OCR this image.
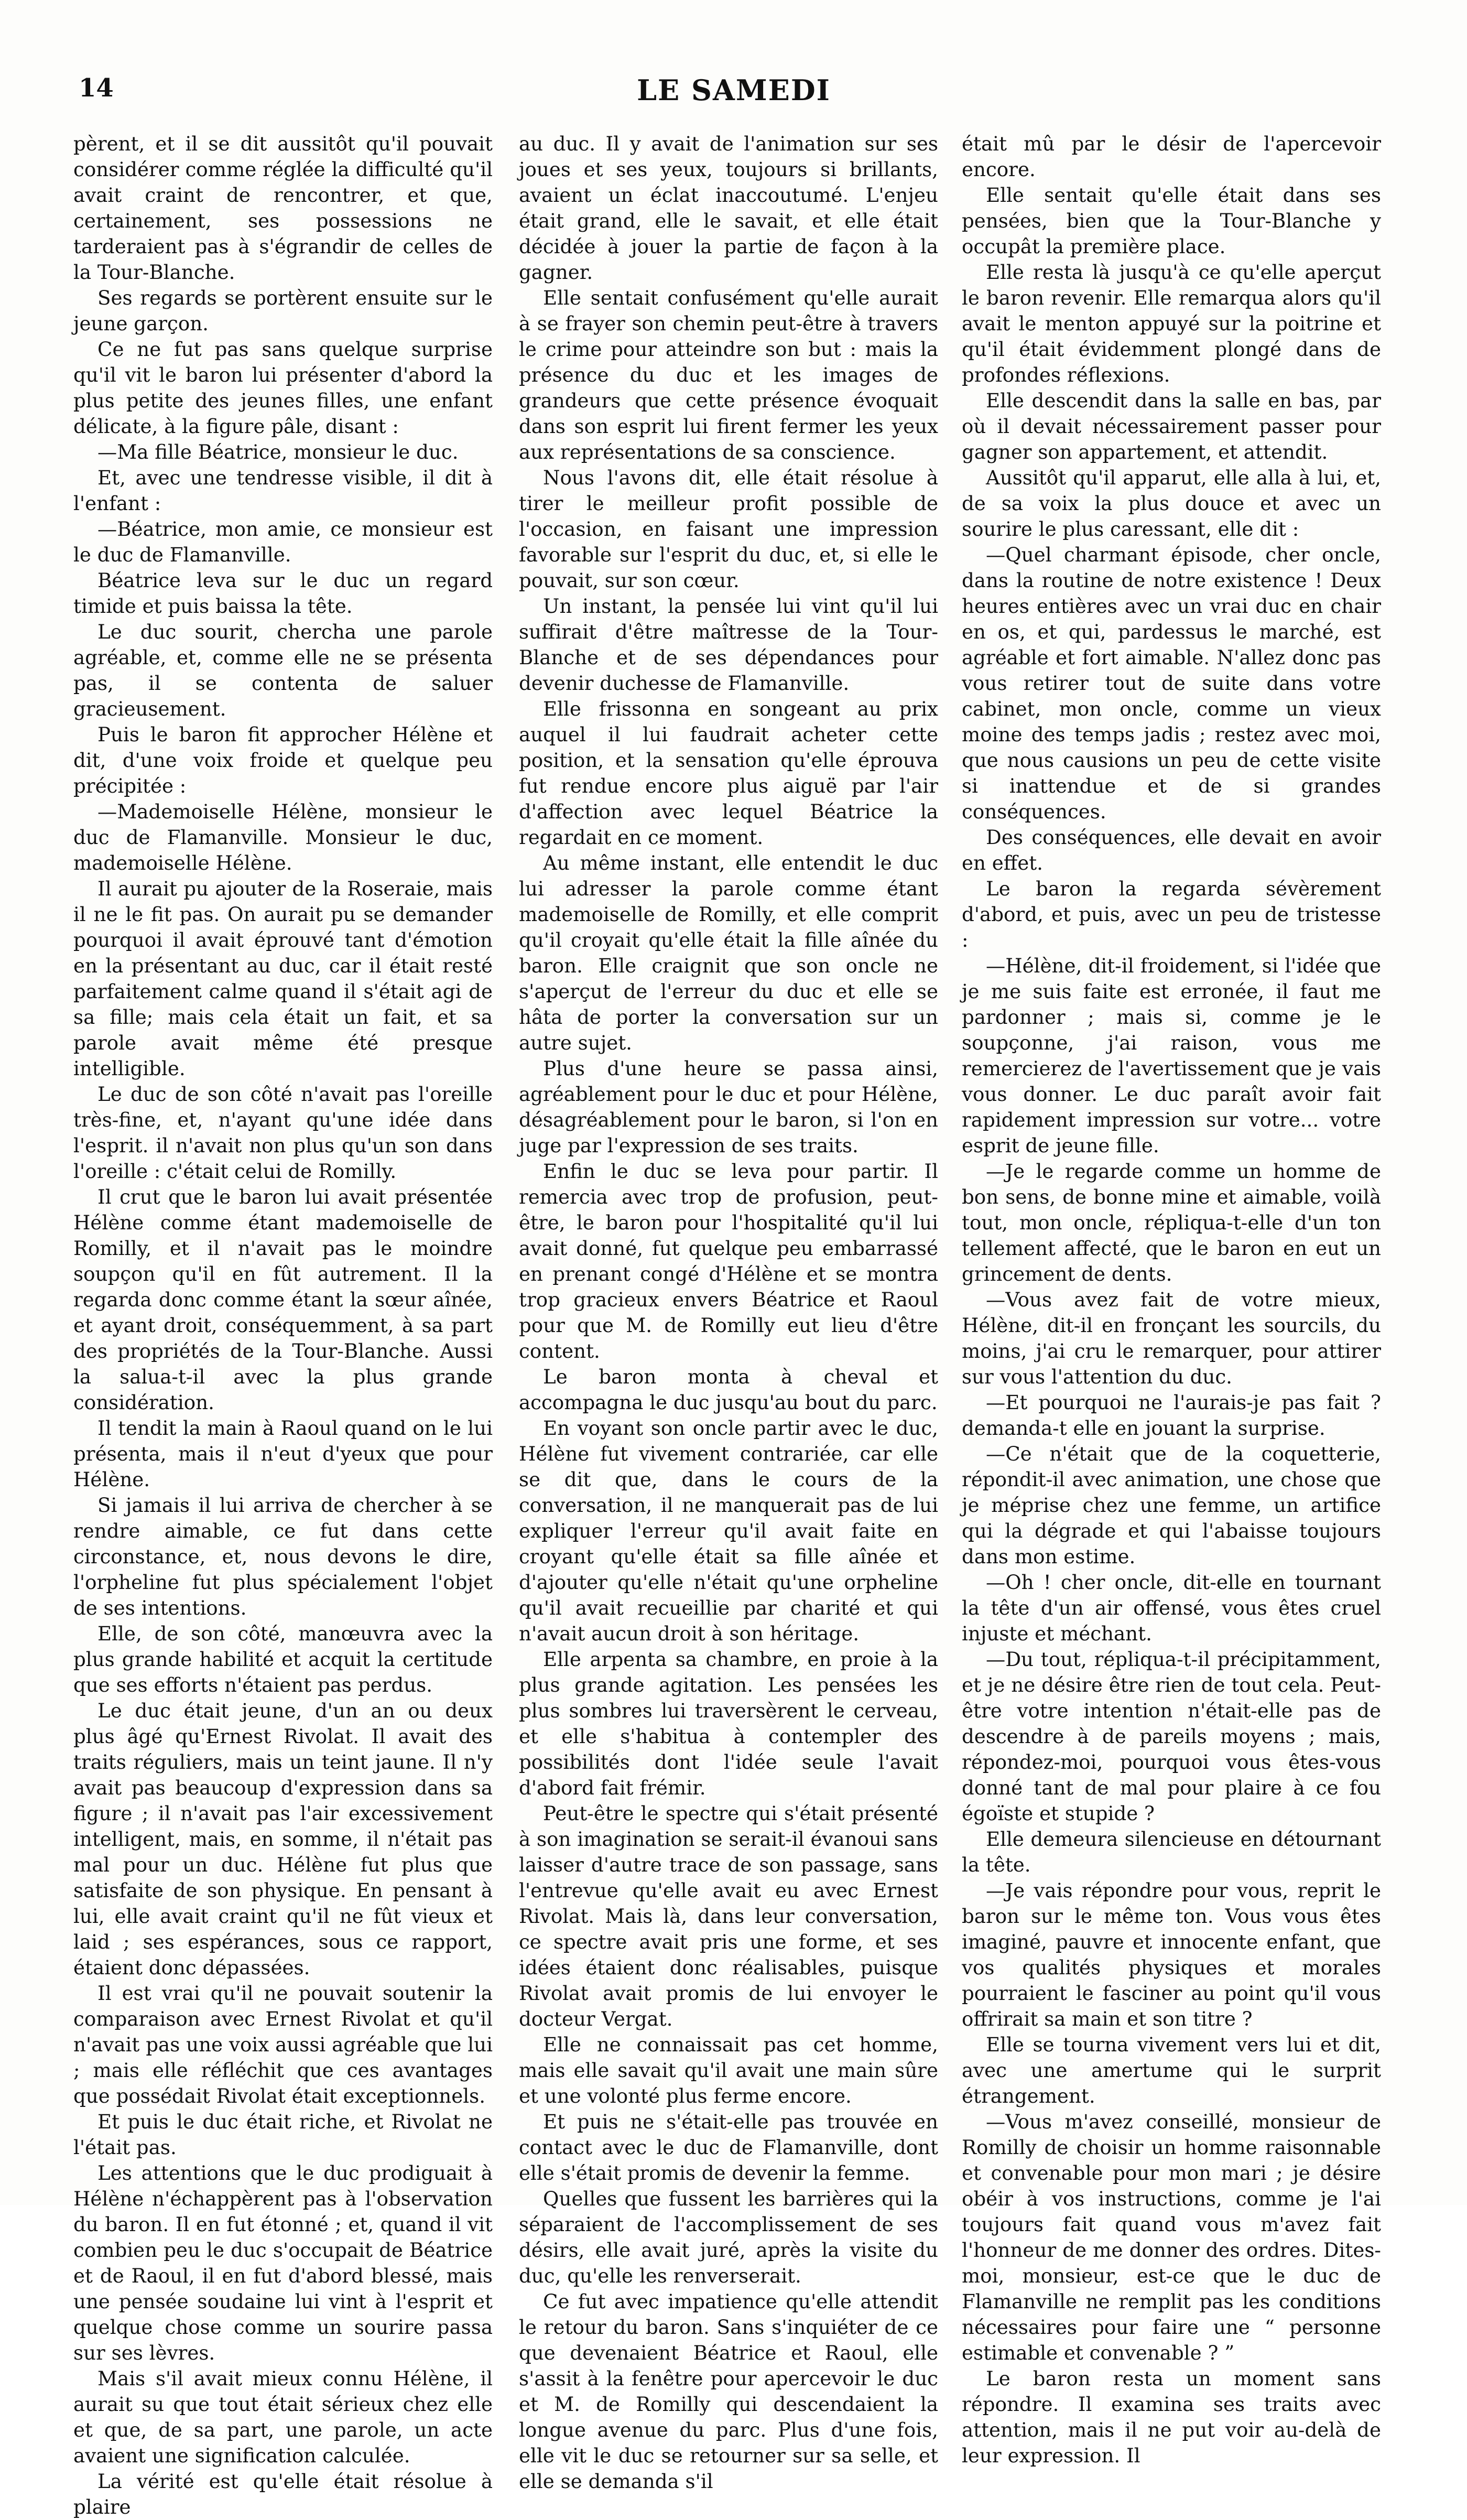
14	LE SAMEDI

pèrent, et il se dit aussitôt qu'il pouvait considérer comme réglée la difficulté qu'il avait craint de rencontrer, et que, certainement, ses possessions ne tarderaient pas à s'égrandir de celles de la Tour-Blanche.

Ses regards se portèrent ensuite sur le jeune garçon.

Ce ne fut pas sans quelque surprise qu'il vit le baron lui présenter d'abord la plus petite des jeunes filles, une enfant délicate, à la figure pâle, disant :

—Ma fille Béatrice, monsieur le duc.

Et, avec une tendresse visible, il dit à l'enfant :

—Béatrice, mon amie, ce monsieur est le duc de Flamanville.

Béatrice leva sur le duc un regard timide et puis baissa la tête.

Le duc sourit, chercha une parole agréable, et, comme elle ne se présenta pas, il se contenta de saluer gracieusement.

Puis le baron fit approcher Hélène et dit, d'une voix froide et quelque peu précipitée :

—Mademoiselle Hélène, monsieur le duc de Flamanville. Monsieur le duc, mademoiselle Hélène.

Il aurait pu ajouter de la Roseraie, mais il ne le fit pas. On aurait pu se demander pourquoi il avait éprouvé tant d'émotion en la présentant au duc, car il était resté parfaitement calme quand il s'était agi de sa fille; mais cela était un fait, et sa parole avait même été presque intelligible.

Le duc de son côté n'avait pas l'oreille très-fine, et, n'ayant qu'une idée dans l'esprit. il n'avait non plus qu'un son dans l'oreille : c'était celui de Romilly.

Il crut que le baron lui avait présentée Hélène comme étant mademoiselle de Romilly, et il n'avait pas le moindre soupçon qu'il en fût autrement. Il la regarda donc comme étant la sœur aînée, et ayant droit, conséquemment, à sa part des propriétés de la Tour-Blanche. Aussi la salua-t-il avec la plus grande considération.

Il tendit la main à Raoul quand on le lui présenta, mais il n'eut d'yeux que pour Hélène.

Si jamais il lui arriva de chercher à se rendre aimable, ce fut dans cette circonstance, et, nous devons le dire, l'orpheline fut plus spécialement l'objet de ses intentions.

Elle, de son côté, manœuvra avec la plus grande habilité et acquit la certitude que ses efforts n'étaient pas perdus.

Le duc était jeune, d'un an ou deux plus âgé qu'Ernest Rivolat. Il avait des traits réguliers, mais un teint jaune. Il n'y avait pas beaucoup d'expression dans sa figure ; il n'avait pas l'air excessivement intelligent, mais, en somme, il n'était pas mal pour un duc. Hélène fut plus que satisfaite de son physique. En pensant à lui, elle avait craint qu'il ne fût vieux et laid ; ses espérances, sous ce rapport, étaient donc dépassées.

Il est vrai qu'il ne pouvait soutenir la comparaison avec Ernest Rivolat et qu'il n'avait pas une voix aussi agréable que lui ; mais elle réfléchit que ces avantages que possédait Rivolat était exceptionnels.

Et puis le duc était riche, et Rivolat ne l'était pas.

Les attentions que le duc prodiguait à Hélène n'échappèrent pas à l'observation du baron. Il en fut étonné ; et, quand il vit combien peu le duc s'occupait de Béatrice et de Raoul, il en fut d'abord blessé, mais une pensée soudaine lui vint à l'esprit et quelque chose comme un sourire passa sur ses lèvres.

Mais s'il avait mieux connu Hélène, il aurait su que tout était sérieux chez elle et que, de sa part, une parole, un acte avaient une signification calculée.

La vérité est qu'elle était résolue à plaire

au duc. Il y avait de l'animation sur ses joues et ses yeux, toujours si brillants, avaient un éclat inaccoutumé. L'enjeu était grand, elle le savait, et elle était décidée à jouer la partie de façon à la gagner.

Elle sentait confusément qu'elle aurait à se frayer son chemin peut-être à travers le crime pour atteindre son but : mais la présence du duc et les images de grandeurs que cette présence évoquait dans son esprit lui firent fermer les yeux aux représentations de sa conscience.

Nous l'avons dit, elle était résolue à tirer le meilleur profit possible de l'occasion, en faisant une impression favorable sur l'esprit du duc, et, si elle le pouvait, sur son cœur.

Un instant, la pensée lui vint qu'il lui suffirait d'être maîtresse de la Tour-Blanche et de ses dépendances pour devenir duchesse de Flamanville.

Elle frissonna en songeant au prix auquel il lui faudrait acheter cette position, et la sensation qu'elle éprouva fut rendue encore plus aiguë par l'air d'affection avec lequel Béatrice la regardait en ce moment.

Au même instant, elle entendit le duc lui adresser la parole comme étant mademoiselle de Romilly, et elle comprit qu'il croyait qu'elle était la fille aînée du baron. Elle craignit que son oncle ne s'aperçut de l'erreur du duc et elle se hâta de porter la conversation sur un autre sujet.

Plus d'une heure se passa ainsi, agréablement pour le duc et pour Hélène, désagréablement pour le baron, si l'on en juge par l'expression de ses traits.

Enfin le duc se leva pour partir. Il remercia avec trop de profusion, peut-être, le baron pour l'hospitalité qu'il lui avait donné, fut quelque peu embarrassé en prenant congé d'Hélène et se montra trop gracieux envers Béatrice et Raoul pour que M. de Romilly eut lieu d'être content.

Le baron monta à cheval et accompagna le duc jusqu'au bout du parc.

En voyant son oncle partir avec le duc, Hélène fut vivement contrariée, car elle se dit que, dans le cours de la conversation, il ne manquerait pas de lui expliquer l'erreur qu'il avait faite en croyant qu'elle était sa fille aînée et d'ajouter qu'elle n'était qu'une orpheline qu'il avait recueillie par charité et qui n'avait aucun droit à son héritage.

Elle arpenta sa chambre, en proie à la plus grande agitation. Les pensées les plus sombres lui traversèrent le cerveau, et elle s'habitua à contempler des possibilités dont l'idée seule l'avait d'abord fait frémir.

Peut-être le spectre qui s'était présenté à son imagination se serait-il évanoui sans laisser d'autre trace de son passage, sans l'entrevue qu'elle avait eu avec Ernest Rivolat. Mais là, dans leur conversation, ce spectre avait pris une forme, et ses idées étaient donc réalisables, puisque Rivolat avait promis de lui envoyer le docteur Vergat.

Elle ne connaissait pas cet homme, mais elle savait qu'il avait une main sûre et une volonté plus ferme encore.

Et puis ne s'était-elle pas trouvée en contact avec le duc de Flamanville, dont elle s'était promis de devenir la femme.

Quelles que fussent les barrières qui la séparaient de l'accomplissement de ses désirs, elle avait juré, après la visite du duc, qu'elle les renverserait.

Ce fut avec impatience qu'elle attendit le retour du baron. Sans s'inquiéter de ce que devenaient Béatrice et Raoul, elle s'assit à la fenêtre pour apercevoir le duc et M. de Romilly qui descendaient la longue avenue du parc. Plus d'une fois, elle vit le duc se retourner sur sa selle, et elle se demanda s'il

était mû par le désir de l'apercevoir encore.

Elle sentait qu'elle était dans ses pensées, bien que la Tour-Blanche y occupât la première place.

Elle resta là jusqu'à ce qu'elle aperçut le baron revenir. Elle remarqua alors qu'il avait le menton appuyé sur la poitrine et qu'il était évidemment plongé dans de profondes réflexions.

Elle descendit dans la salle en bas, par où il devait nécessairement passer pour gagner son appartement, et attendit.

Aussitôt qu'il apparut, elle alla à lui, et, de sa voix la plus douce et avec un sourire le plus caressant, elle dit :

—Quel charmant épisode, cher oncle, dans la routine de notre existence ! Deux heures entières avec un vrai duc en chair en os, et qui, pardessus le marché, est agréable et fort aimable. N'allez donc pas vous retirer tout de suite dans votre cabinet, mon oncle, comme un vieux moine des temps jadis ; restez avec moi, que nous causions un peu de cette visite si inattendue et de si grandes conséquences.

Des conséquences, elle devait en avoir en effet.

Le baron la regarda sévèrement d'abord, et puis, avec un peu de tristesse :

—Hélène, dit-il froidement, si l'idée que je me suis faite est erronée, il faut me pardonner ; mais si, comme je le soupçonne, j'ai raison, vous me remercierez de l'avertissement que je vais vous donner. Le duc paraît avoir fait rapidement impression sur votre... votre esprit de jeune fille.

—Je le regarde comme un homme de bon sens, de bonne mine et aimable, voilà tout, mon oncle, répliqua-t-elle d'un ton tellement affecté, que le baron en eut un grincement de dents.

—Vous avez fait de votre mieux, Hélène, dit-il en fronçant les sourcils, du moins, j'ai cru le remarquer, pour attirer sur vous l'attention du duc.

—Et pourquoi ne l'aurais-je pas fait ? demanda-t elle en jouant la surprise.

—Ce n'était que de la coquetterie, répondit-il avec animation, une chose que je méprise chez une femme, un artifice qui la dégrade et qui l'abaisse toujours dans mon estime.

—Oh ! cher oncle, dit-elle en tournant la tête d'un air offensé, vous êtes cruel injuste et méchant.

—Du tout, répliqua-t-il précipitamment, et je ne désire être rien de tout cela. Peut-être votre intention n'était-elle pas de descendre à de pareils moyens ; mais, répondez-moi, pourquoi vous êtes-vous donné tant de mal pour plaire à ce fou égoïste et stupide ?

Elle demeura silencieuse en détournant la tête.

—Je vais répondre pour vous, reprit le baron sur le même ton. Vous vous êtes imaginé, pauvre et innocente enfant, que vos qualités physiques et morales pourraient le fasciner au point qu'il vous offrirait sa main et son titre ?

Elle se tourna vivement vers lui et dit, avec une amertume qui le surprit étrangement.

—Vous m'avez conseillé, monsieur de Romilly de choisir un homme raisonnable et convenable pour mon mari ; je désire obéir à vos instructions, comme je l'ai toujours fait quand vous m'avez fait l'honneur de me donner des ordres. Dites-moi, monsieur, est-ce que le duc de Flamanville ne remplit pas les conditions nécessaires pour faire une “ personne estimable et convenable ? ”

Le baron resta un moment sans répondre. Il examina ses traits avec attention, mais il ne put voir au-delà de leur expression. Il
